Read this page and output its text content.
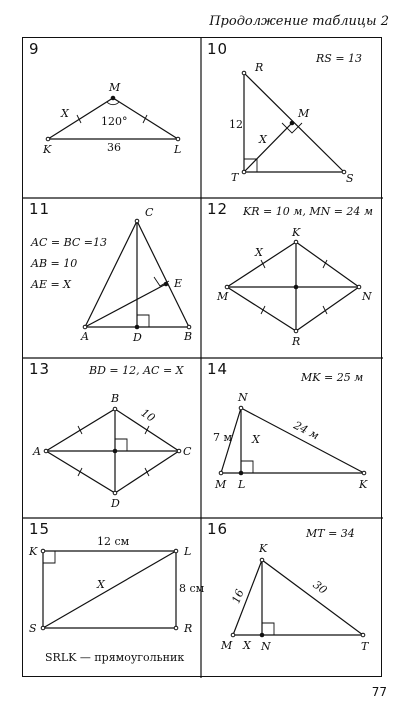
Продолжение таблицы 2
9
M
K	L
X
120°
36
10
RS = 13
R
M
T	S
12
X
11
AC = BC =13
AB = 10
AE = X
C
E
A	D	B
12 KR = 10 м, MN = 24 м
K
M	N
R
X
13	BD = 12, AC = X
B
A	C
D
10
14	MK = 25 м
N
M L	K
7 м	24 м
X
15
K	L
S	R
12 см
8 см
X
SRLK — прямоугольник
16	MT = 34
K
M X N	T
16	30
77
